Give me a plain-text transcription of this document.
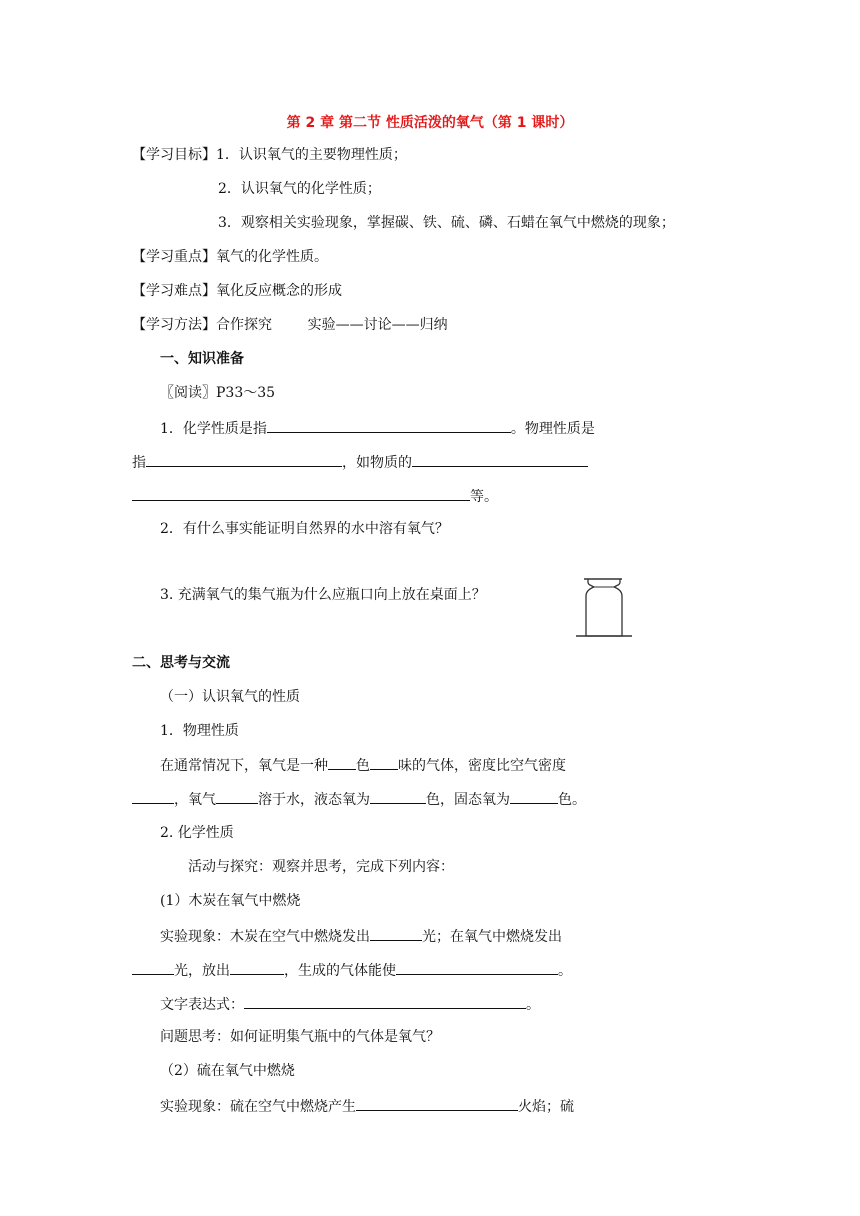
第 2 章 第二节 性质活泼的氧气（第 1 课时）
【学习目标】1．认识氧气的主要物理性质；
2．认识氧气的化学性质；
3．观察相关实验现象，掌握碳、铁、硫、磷、石蜡在氧气中燃烧的现象；
【学习重点】氧气的化学性质。
【学习难点】氧化反应概念的形成
【学习方法】合作探究        实验——讨论——归纳
一、知识准备
〖阅读〗P33～35
1．化学性质是指	。物理性质是
指	，如物质的
等。
2．有什么事实能证明自然界的水中溶有氧气？
3. 充满氧气的集气瓶为什么应瓶口向上放在桌面上？
二、思考与交流
（一）认识氧气的性质
1．物理性质
在通常情况下，氧气是一种 色 味的气体，密度比空气密度
，氧气	溶于水，液态氧为	色，固态氧为	色。
2. 化学性质
活动与探究：观察并思考，完成下列内容：
(1）木炭在氧气中燃烧
实验现象：木炭在空气中燃烧发出	光；在氧气中燃烧发出
光，放出	，生成的气体能使	。
文字表达式：	。
问题思考：如何证明集气瓶中的气体是氧气？
（2）硫在氧气中燃烧
实验现象：硫在空气中燃烧产生	火焰；硫
